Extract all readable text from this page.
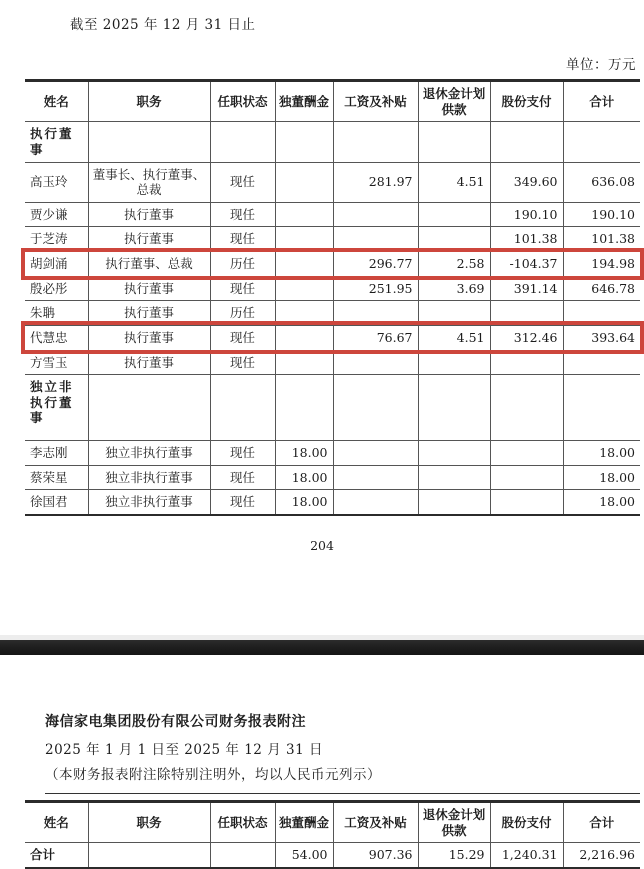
截至 2025 年 12 月 31 日止
单位：万元
姓名	职务	任职状态	独董酬金	工资及补贴	退休金计划供款	股份支付	合计
执行董事							
高玉玲	董事长、执行董事、总裁	现任		281.97	4.51	349.60	636.08
贾少谦	执行董事	现任				190.10	190.10
于芝涛	执行董事	现任				101.38	101.38
胡剑涌	执行董事、总裁	历任		296.77	2.58	-104.37	194.98
殷必彤	执行董事	现任		251.95	3.69	391.14	646.78
朱聃	执行董事	历任					
代慧忠	执行董事	现任		76.67	4.51	312.46	393.64
方雪玉	执行董事	现任					
独立非执行董事							
李志刚	独立非执行董事	现任	18.00				18.00
蔡荣星	独立非执行董事	现任	18.00				18.00
徐国君	独立非执行董事	现任	18.00				18.00
204
海信家电集团股份有限公司财务报表附注
2025 年 1 月 1 日至 2025 年 12 月 31 日
（本财务报表附注除特别注明外，均以人民币元列示）
姓名	职务	任职状态	独董酬金	工资及补贴	退休金计划供款	股份支付	合计
合计			54.00	907.36	15.29	1,240.31	2,216.96
